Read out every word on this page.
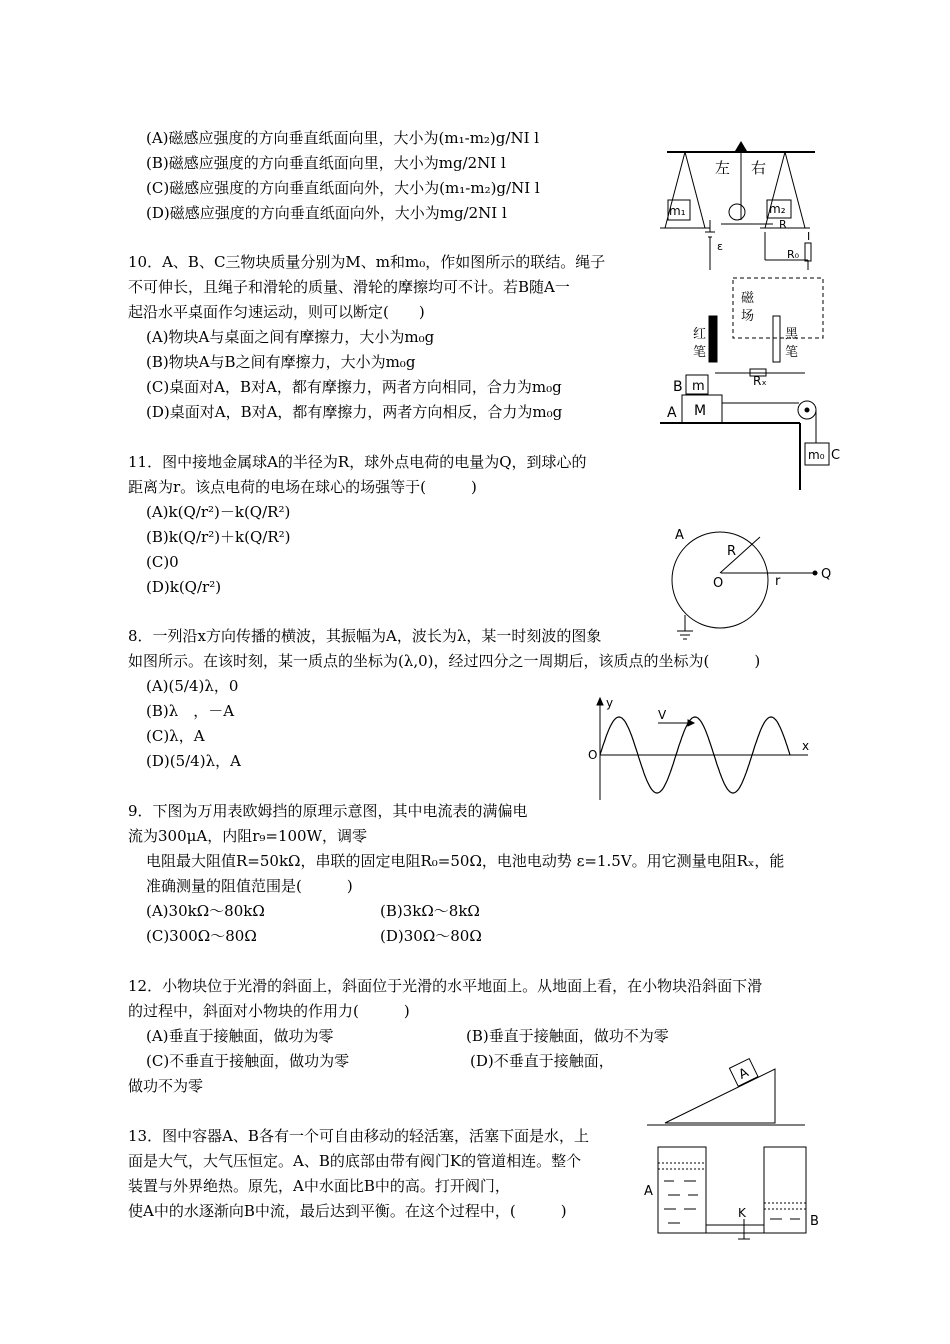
(A)磁感应强度的方向垂直纸面向里，大小为(m₁-m₂)g/NI l
(B)磁感应强度的方向垂直纸面向里，大小为mg/2NI l
(C)磁感应强度的方向垂直纸面向外，大小为(m₁-m₂)g/NI l
(D)磁感应强度的方向垂直纸面向外，大小为mg/2NI l
10．A、B、C三物块质量分别为M、m和m₀，作如图所示的联结。绳子
不可伸长，且绳子和滑轮的质量、滑轮的摩擦均可不计。若B随A一
起沿水平桌面作匀速运动，则可以断定(　　)
(A)物块A与桌面之间有摩擦力，大小为m₀g
(B)物块A与B之间有摩擦力，大小为m₀g
(C)桌面对A，B对A，都有摩擦力，两者方向相同，合力为m₀g
(D)桌面对A，B对A，都有摩擦力，两者方向相反，合力为m₀g
11．图中接地金属球A的半径为R，球外点电荷的电量为Q，到球心的
距离为r。该点电荷的电场在球心的场强等于(　　　)
(A)k(Q/r²)－k(Q/R²)
(B)k(Q/r²)＋k(Q/R²)
(C)0
(D)k(Q/r²)
8．一列沿x方向传播的横波，其振幅为A，波长为λ，某一时刻波的图象
如图所示。在该时刻，某一质点的坐标为(λ,0)，经过四分之一周期后，该质点的坐标为(　　　)
(A)(5/4)λ，0
(B)λ　，－A
(C)λ，A
(D)(5/4)λ，A
9．下图为万用表欧姆挡的原理示意图，其中电流表的满偏电
流为300μA，内阻r₉=100W，调零
电阻最大阻值R=50kΩ，串联的固定电阻R₀=50Ω，电池电动势 ε=1.5V。用它测量电阻Rₓ，能
准确测量的阻值范围是(　　　)
(A)30kΩ～80kΩ	(B)3kΩ～8kΩ
(C)300Ω～80Ω	(D)30Ω～80Ω
12．小物块位于光滑的斜面上，斜面位于光滑的水平地面上。从地面上看，在小物块沿斜面下滑
的过程中，斜面对小物块的作用力(　　　)
(A)垂直于接触面，做功为零	(B)垂直于接触面，做功不为零
(C)不垂直于接触面，做功为零	(D)不垂直于接触面，
做功不为零
13．图中容器A、B各有一个可自由移动的轻活塞，活塞下面是水，上
面是大气，大气压恒定。A、B的底部由带有阀门K的管道相连。整个
装置与外界绝热。原先，A中水面比B中的高。打开阀门，
使A中的水逐渐向B中流，最后达到平衡。在这个过程中，(　　　)
左 右
m₁	m₂
ε
R
R₀
I
磁
场
红
笔
黑
笔
Rₓ
B m
A M
m₀ C
A
R
O	r	Q
y
x
O
V
A
A
B
K
